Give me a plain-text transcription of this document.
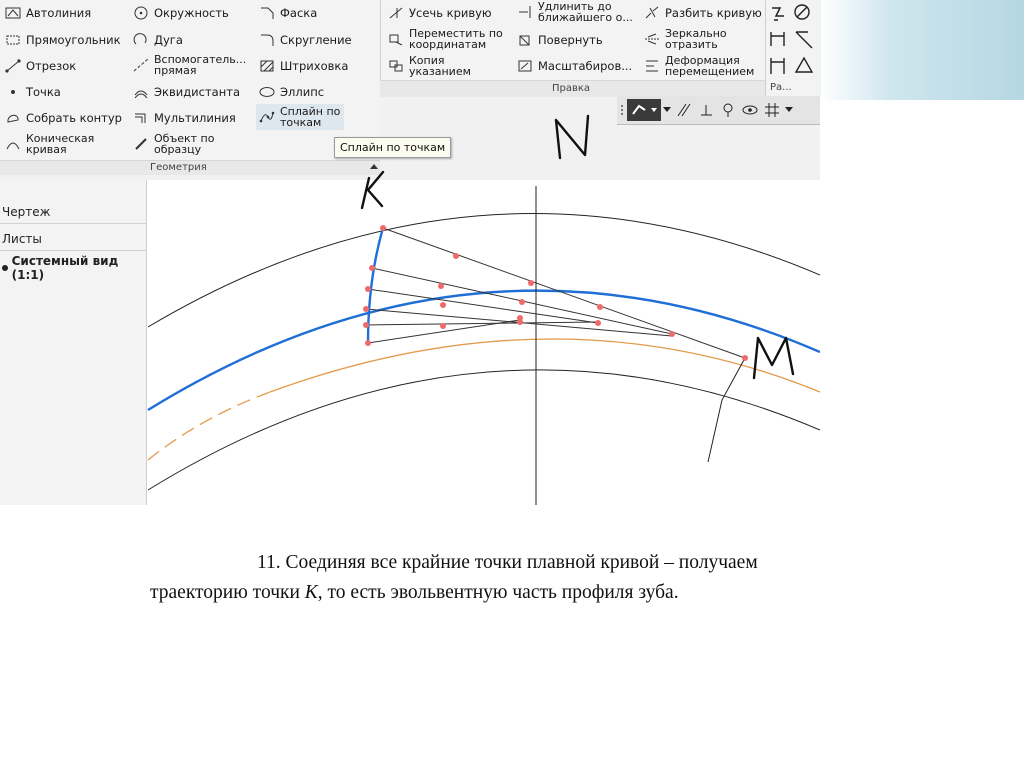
Автолиния
Прямоугольник
Отрезок
Точка
Собрать контур
Коническая
кривая
Окружность
Дуга
Вспомогатель...
прямая
Эквидистанта
Мультилиния
Объект по
образцу
Фаска
Скругление
Штриховка
Эллипс
Сплайн по
точкам
Геометрия
Усечь кривую
Переместить по
координатам
Копия
указанием
Удлинить до
ближайшего о...
Повернуть
Масштабиров...
Разбить кривую
Зеркально
отразить
Деформация
перемещением
Правка	Ра...
Сплайн по точкам
Чертеж
Листы
Системный вид (1:1)
11. Соединяя все крайние точки плавной кривой – получаем
траекторию точки К, то есть эвольвентную часть профиля зуба.
